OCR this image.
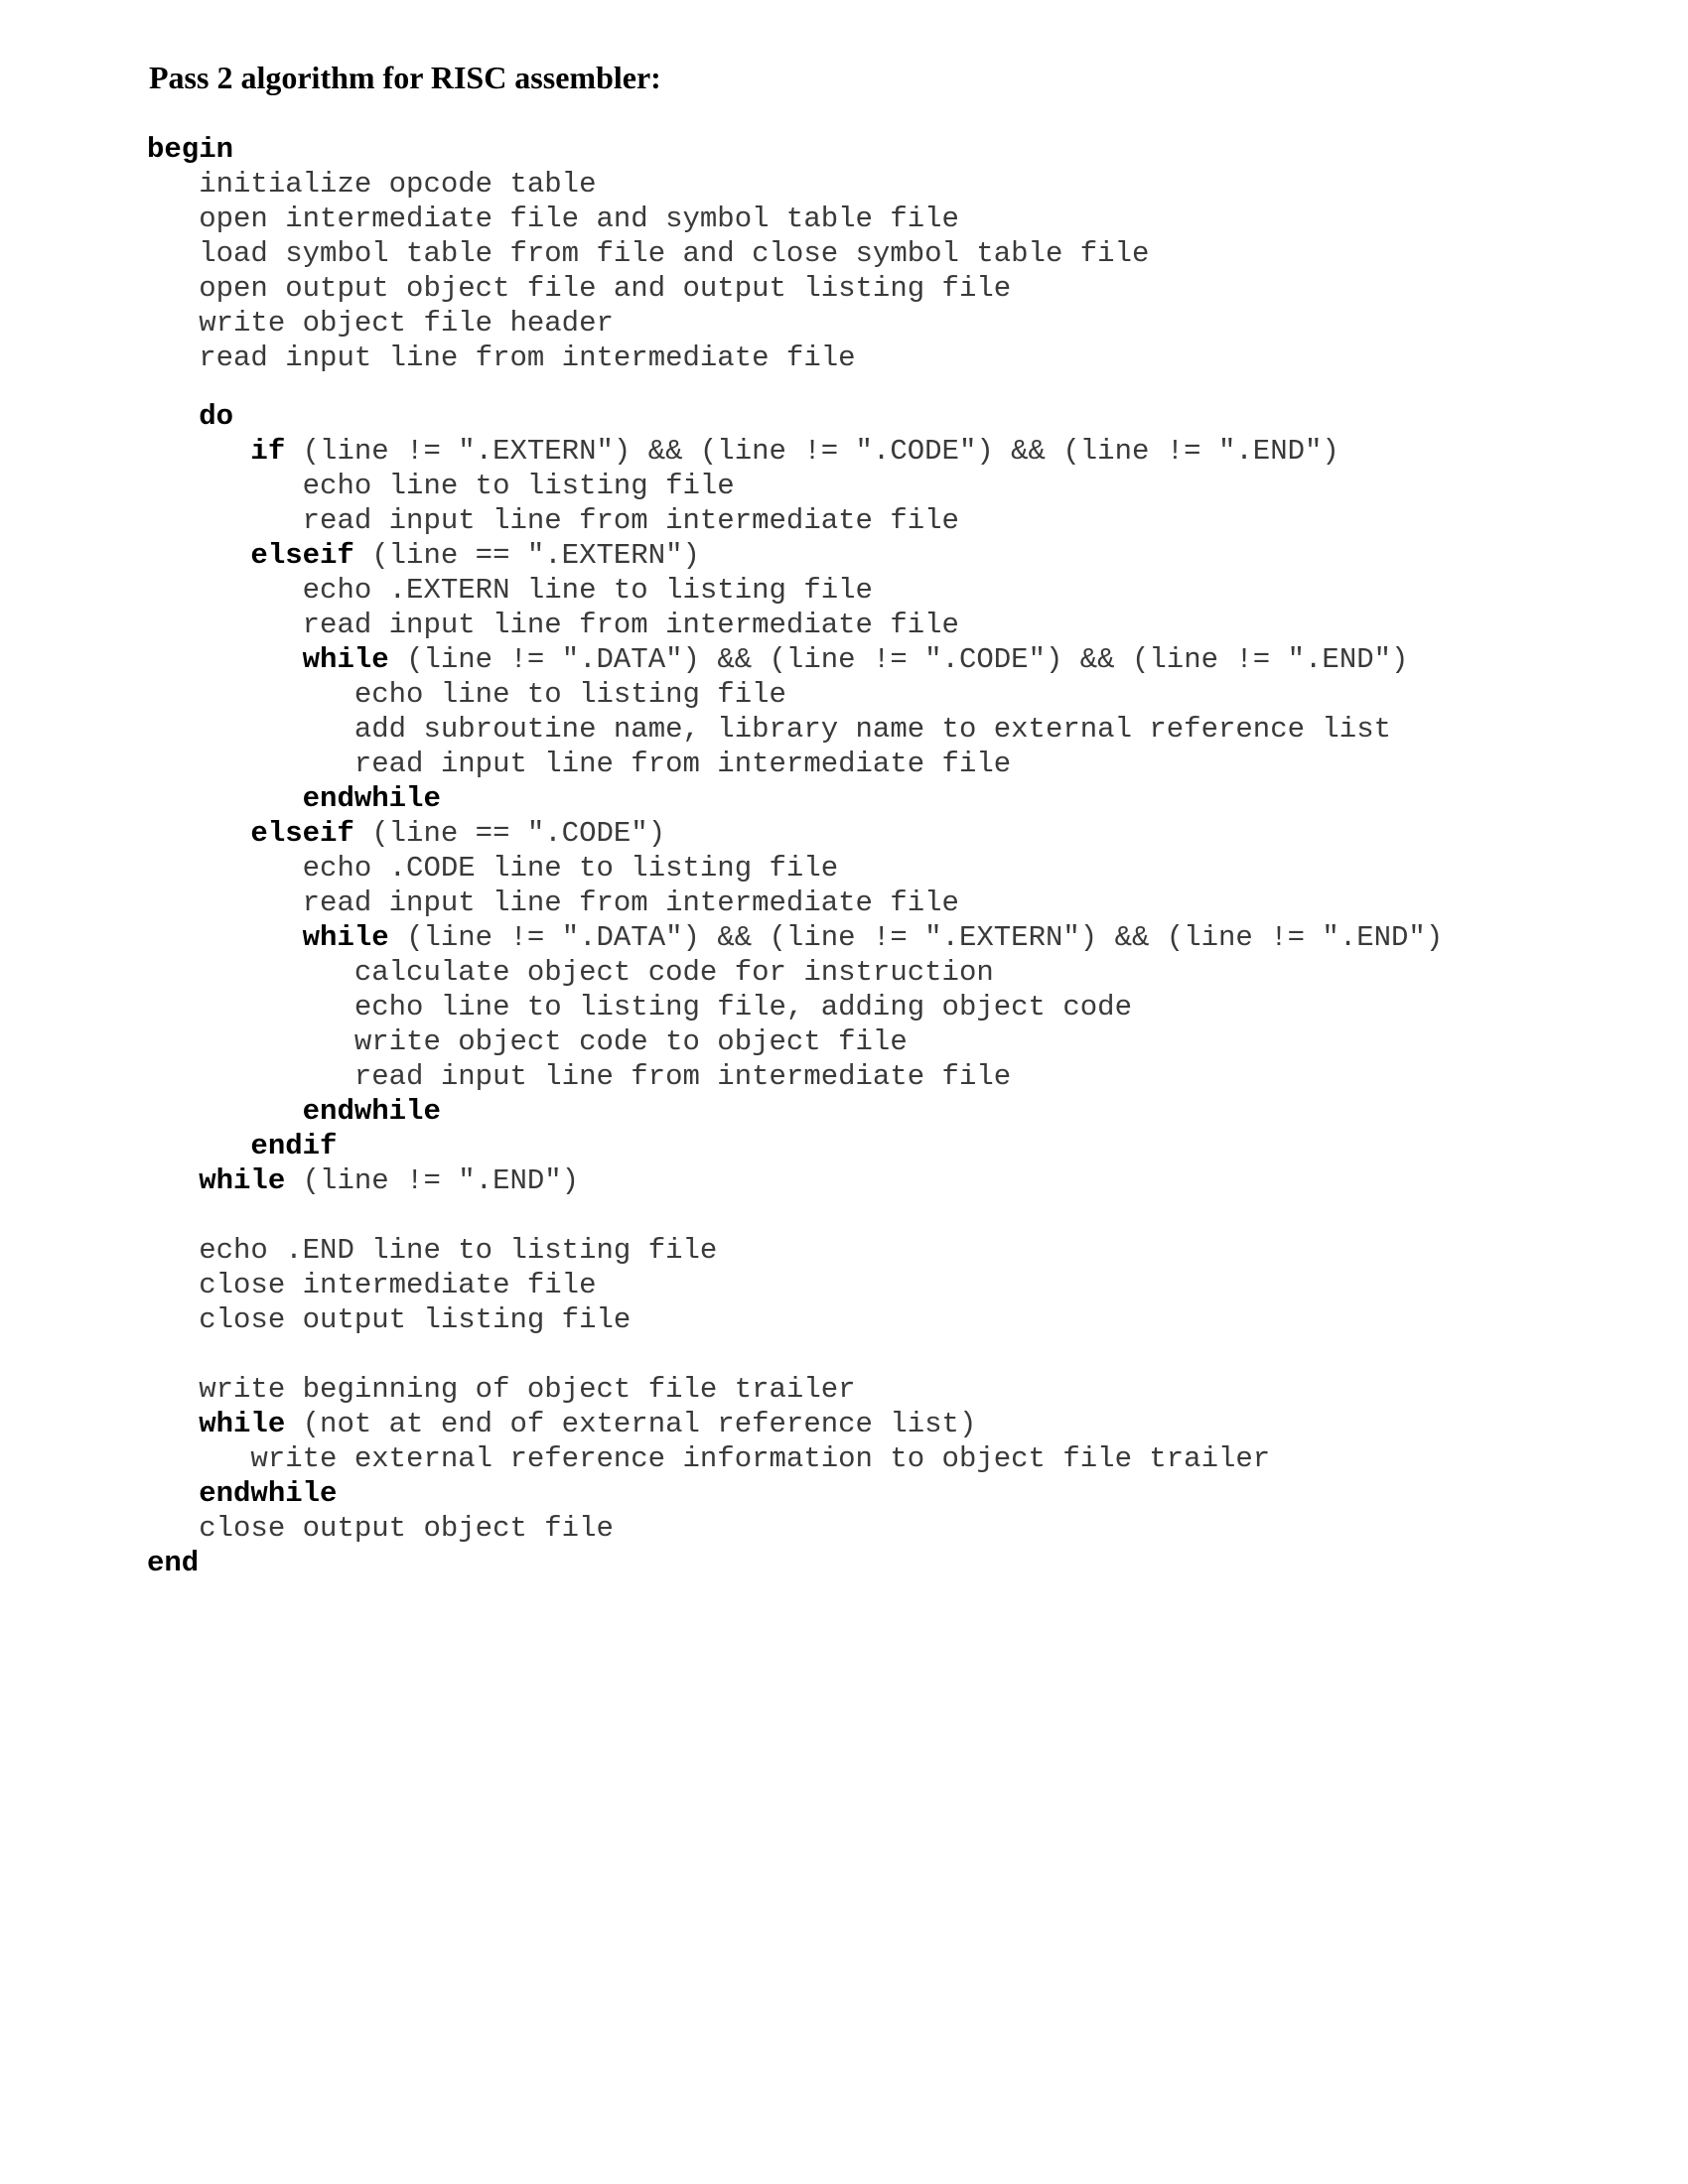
Pass 2 algorithm for RISC assembler:
begin
initialize opcode table
open intermediate file and symbol table file
load symbol table from file and close symbol table file
open output object file and output listing file
write object file header
read input line from intermediate file
do
if (line != ".EXTERN") && (line != ".CODE") && (line != ".END")
echo line to listing file
read input line from intermediate file
elseif (line == ".EXTERN")
echo .EXTERN line to listing file
read input line from intermediate file
while (line != ".DATA") && (line != ".CODE") && (line != ".END")
echo line to listing file
add subroutine name, library name to external reference list
read input line from intermediate file
endwhile
elseif (line == ".CODE")
echo .CODE line to listing file
read input line from intermediate file
while (line != ".DATA") && (line != ".EXTERN") && (line != ".END")
calculate object code for instruction
echo line to listing file, adding object code
write object code to object file
read input line from intermediate file
endwhile
endif
while (line != ".END")
echo .END line to listing file
close intermediate file
close output listing file
write beginning of object file trailer
while (not at end of external reference list)
write external reference information to object file trailer
endwhile
close output object file
end
